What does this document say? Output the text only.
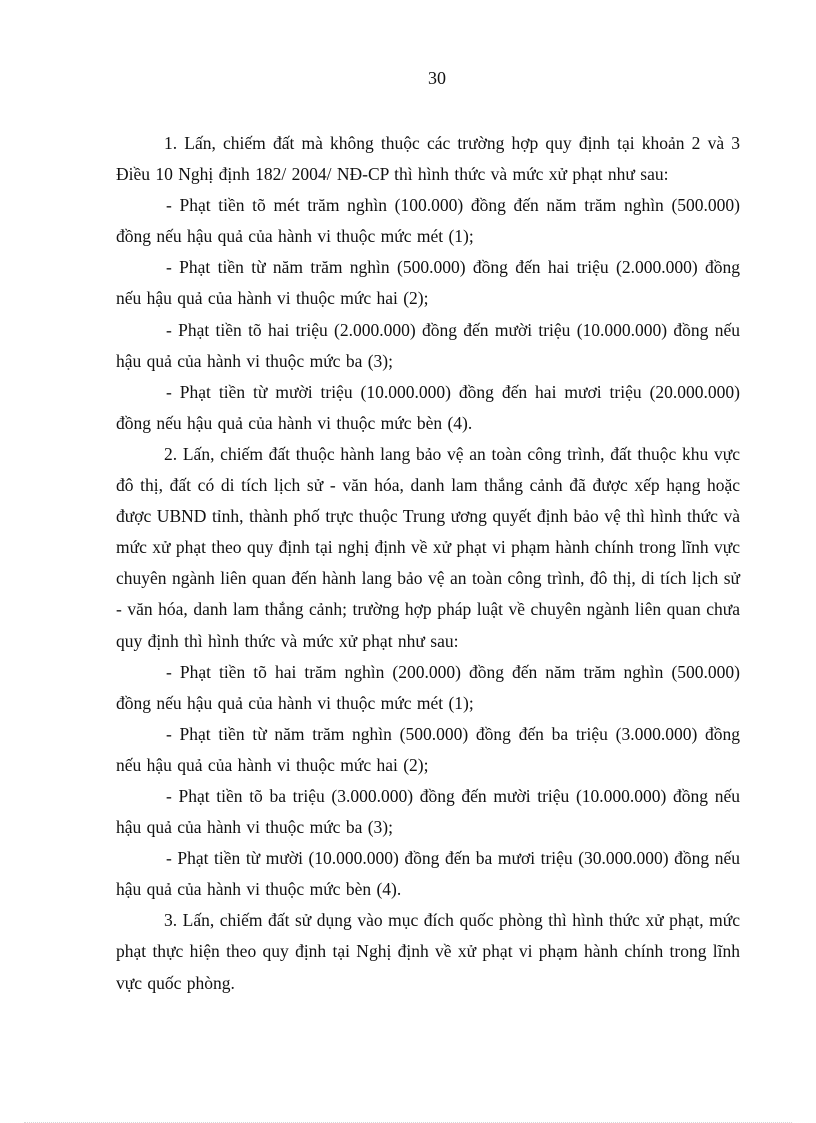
30

1. Lấn, chiếm đất mà không thuộc các trường hợp quy định tại khoản 2 và 3 Điều 10 Nghị định 182/ 2004/ NĐ-CP thì hình thức và mức xử phạt như sau:

- Phạt tiền tõ mét trăm nghìn (100.000) đồng đến năm trăm nghìn (500.000) đồng nếu hậu quả của hành vi thuộc mức mét (1);

- Phạt tiền từ năm trăm nghìn (500.000) đồng đến hai triệu (2.000.000) đồng nếu hậu quả của hành vi thuộc mức hai (2);

- Phạt tiền tõ hai triệu (2.000.000) đồng đến mười triệu (10.000.000) đồng nếu hậu quả của hành vi thuộc mức ba (3);

- Phạt tiền từ mười triệu (10.000.000) đồng đến hai mươi triệu (20.000.000) đồng nếu hậu quả của hành vi thuộc mức bèn (4).

2. Lấn, chiếm đất thuộc hành lang bảo vệ an toàn công trình, đất thuộc khu vực đô thị, đất có di tích lịch sử - văn hóa, danh lam thắng cảnh đã được xếp hạng hoặc được UBND tỉnh, thành phố trực thuộc Trung ương quyết định bảo vệ thì hình thức và mức xử phạt theo quy định tại nghị định về xử phạt vi phạm hành chính trong lĩnh vực chuyên ngành liên quan đến hành lang bảo vệ an toàn công trình, đô thị, di tích lịch sử - văn hóa, danh lam thắng cảnh; trường hợp pháp luật về chuyên ngành liên quan chưa quy định thì hình thức và mức xử phạt như sau:

- Phạt tiền tõ hai trăm nghìn (200.000) đồng đến năm trăm nghìn (500.000) đồng nếu hậu quả của hành vi thuộc mức mét (1);

- Phạt tiền từ năm trăm nghìn (500.000) đồng đến ba triệu (3.000.000) đồng nếu hậu quả của hành vi thuộc mức hai (2);

- Phạt tiền tõ ba triệu (3.000.000) đồng đến mười triệu (10.000.000) đồng nếu hậu quả của hành vi thuộc mức ba (3);

- Phạt tiền từ mười (10.000.000) đồng đến ba mươi triệu (30.000.000) đồng nếu hậu quả của hành vi thuộc mức bèn (4).

3. Lấn, chiếm đất sử dụng vào mục đích quốc phòng thì hình thức xử phạt, mức phạt thực hiện theo quy định tại Nghị định về xử phạt vi phạm hành chính trong lĩnh vực quốc phòng.
